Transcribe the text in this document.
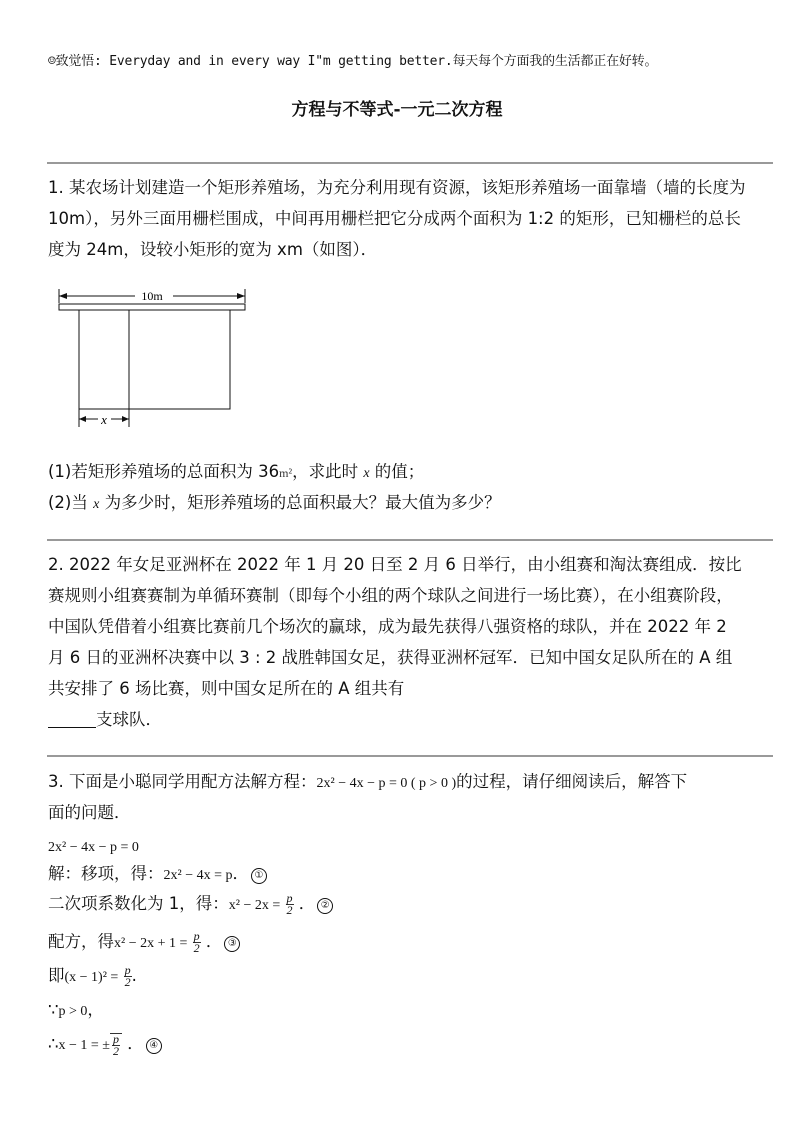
☺致觉悟: Everyday and in every way I"m getting better.每天每个方面我的生活都正在好转。
方程与不等式-一元二次方程
1. 某农场计划建造一个矩形养殖场，为充分利用现有资源，该矩形养殖场一面靠墙（墙的长度为 10m），另外三面用栅栏围成，中间再用栅栏把它分成两个面积为 1:2 的矩形，已知栅栏的总长度为 24m，设较小矩形的宽为 xm（如图）．
10m
x
(1)若矩形养殖场的总面积为 36m²，求此时 x 的值；
(2)当 x 为多少时，矩形养殖场的总面积最大？最大值为多少？
2. 2022 年女足亚洲杯在 2022 年 1 月 20 日至 2 月 6 日举行，由小组赛和淘汰赛组成．按比赛规则小组赛赛制为单循环赛制（即每个小组的两个球队之间进行一场比赛），在小组赛阶段，中国队凭借着小组赛比赛前几个场次的赢球，成为最先获得八强资格的球队，并在 2022 年 2 月 6 日的亚洲杯决赛中以 3 : 2 战胜韩国女足，获得亚洲杯冠军．已知中国女足队所在的 A 组共安排了 6 场比赛，则中国女足所在的 A 组共有
支球队．
3. 下面是小聪同学用配方法解方程：2x² − 4x − p = 0 ( p > 0 )的过程，请仔细阅读后，解答下
面的问题．
2x² − 4x − p = 0
解：移项，得：2x² − 4x = p． ①
二次项系数化为 1，得：$x^2 - 2x = \frac{p}{2}$ ． ②
配方，得$x^2 - 2x + 1 = \frac{p}{2}$ ． ③
即$(x - 1)^2 = \frac{p}{2}$ .
∵p > 0，
∴x − 1 = ± $\frac{p}{2}$ ． ④
